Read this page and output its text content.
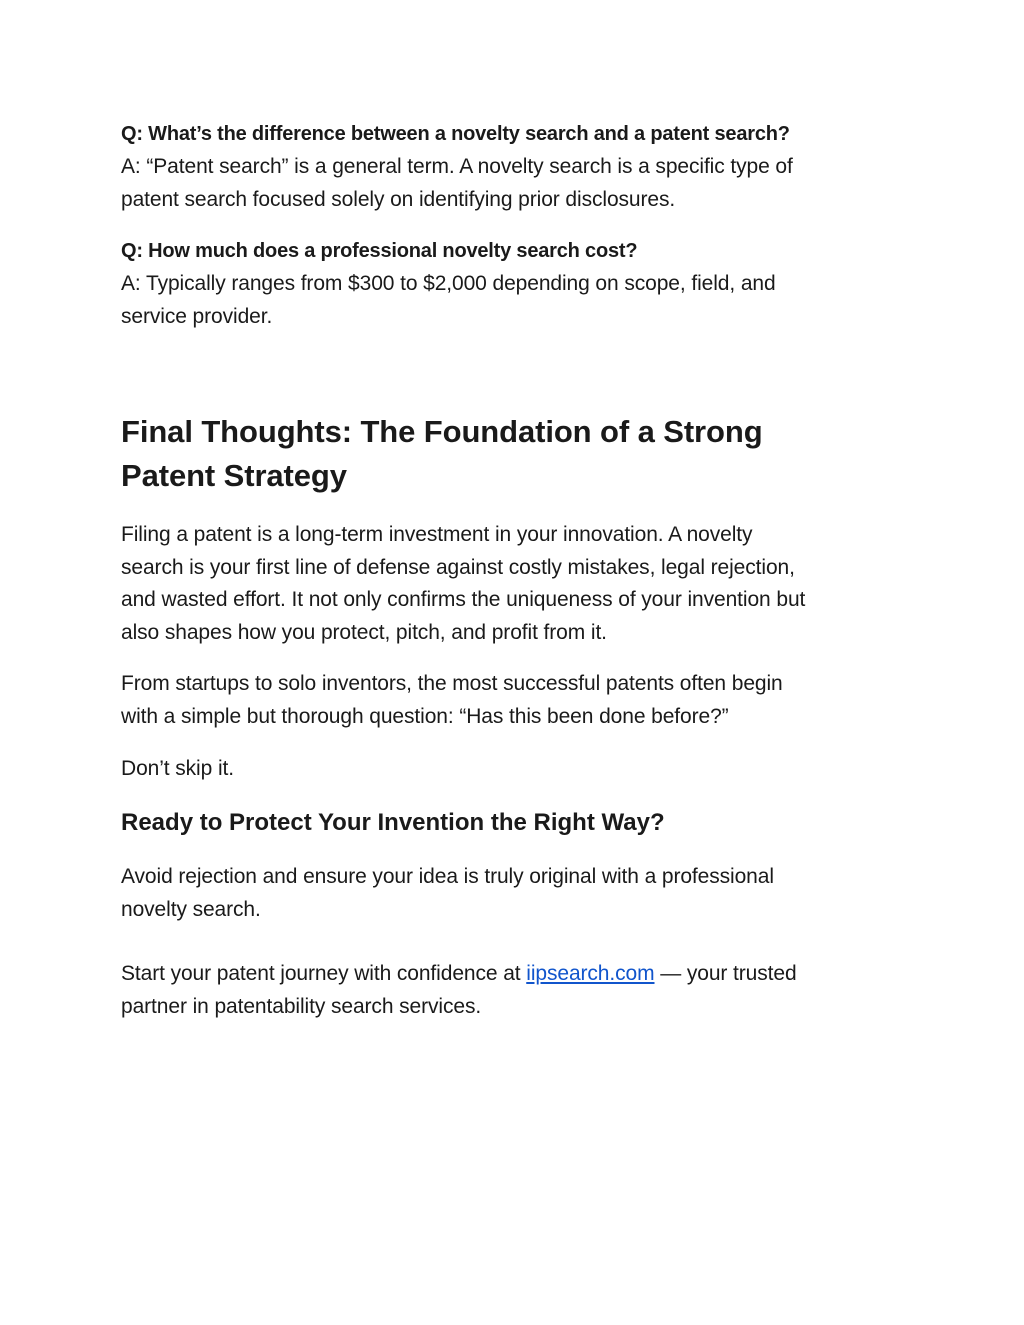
Q: What’s the difference between a novelty search and a patent search?

A: “Patent search” is a general term. A novelty search is a specific type of
patent search focused solely on identifying prior disclosures.

Q: How much does a professional novelty search cost?

A: Typically ranges from $300 to $2,000 depending on scope, field, and
service provider.

Final Thoughts: The Foundation of a Strong
Patent Strategy

Filing a patent is a long-term investment in your innovation. A novelty
search is your first line of defense against costly mistakes, legal rejection,
and wasted effort. It not only confirms the uniqueness of your invention but
also shapes how you protect, pitch, and profit from it.

From startups to solo inventors, the most successful patents often begin
with a simple but thorough question: “Has this been done before?”

Don’t skip it.

Ready to Protect Your Invention the Right Way?

Avoid rejection and ensure your idea is truly original with a professional
novelty search.

Start your patent journey with confidence at iipsearch.com — your trusted
partner in patentability search services.
